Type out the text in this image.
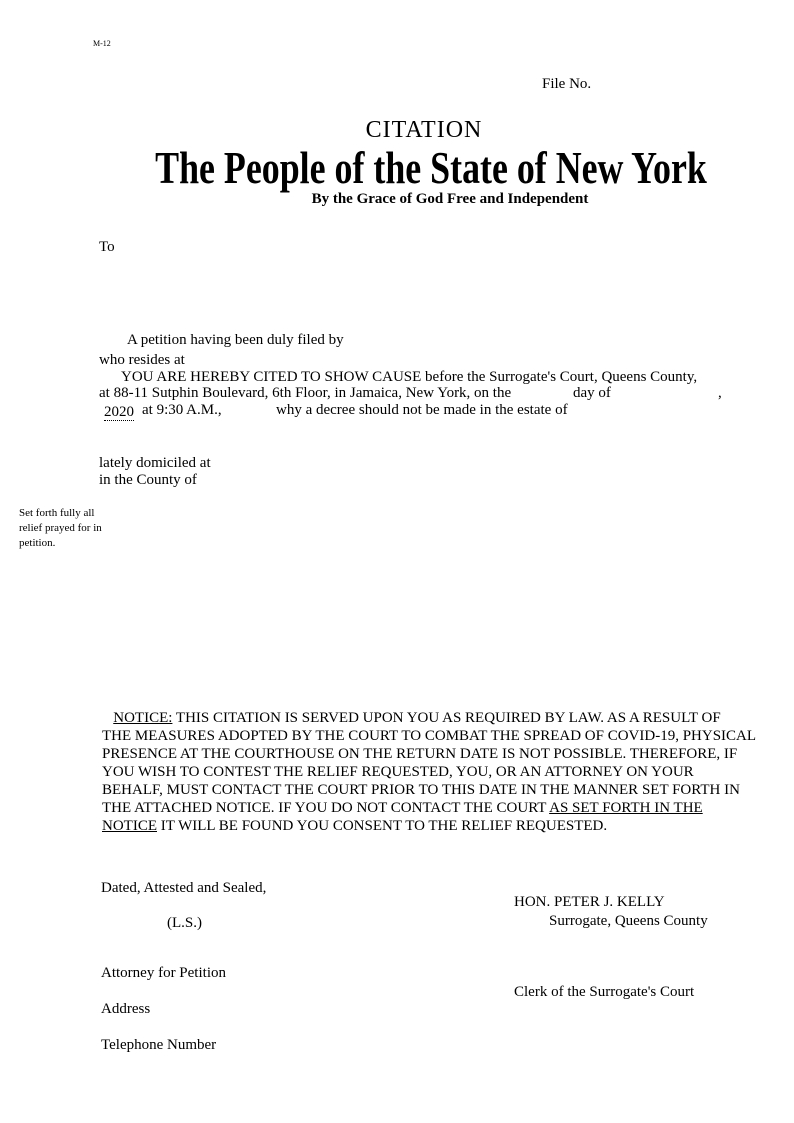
M-12
File No.
CITATION
The People of the State of New York
By the Grace of God Free and Independent
To
A petition having been duly filed by
who resides at
YOU ARE HEREBY CITED TO SHOW CAUSE before the Surrogate's Court, Queens County,
at 88-11 Sutphin Boulevard, 6th Floor, in Jamaica, New York, on the	day of	,
2020 at 9:30 A.M.,	why a decree should not be made in the estate of
lately domiciled at
in the County of
Set forth fully all relief prayed for in petition.
NOTICE: THIS CITATION IS SERVED UPON YOU AS REQUIRED BY LAW. AS A RESULT OF
THE MEASURES ADOPTED BY THE COURT TO COMBAT THE SPREAD OF COVID-19, PHYSICAL
PRESENCE AT THE COURTHOUSE ON THE RETURN DATE IS NOT POSSIBLE. THEREFORE, IF
YOU WISH TO CONTEST THE RELIEF REQUESTED, YOU, OR AN ATTORNEY ON YOUR
BEHALF, MUST CONTACT THE COURT PRIOR TO THIS DATE IN THE MANNER SET FORTH IN
THE ATTACHED NOTICE. IF YOU DO NOT CONTACT THE COURT AS SET FORTH IN THE
NOTICE IT WILL BE FOUND YOU CONSENT TO THE RELIEF REQUESTED.
Dated, Attested and Sealed,
(L.S.)
HON. PETER J. KELLY
Surrogate, Queens County
Attorney for Petition
Clerk of the Surrogate's Court
Address
Telephone Number
